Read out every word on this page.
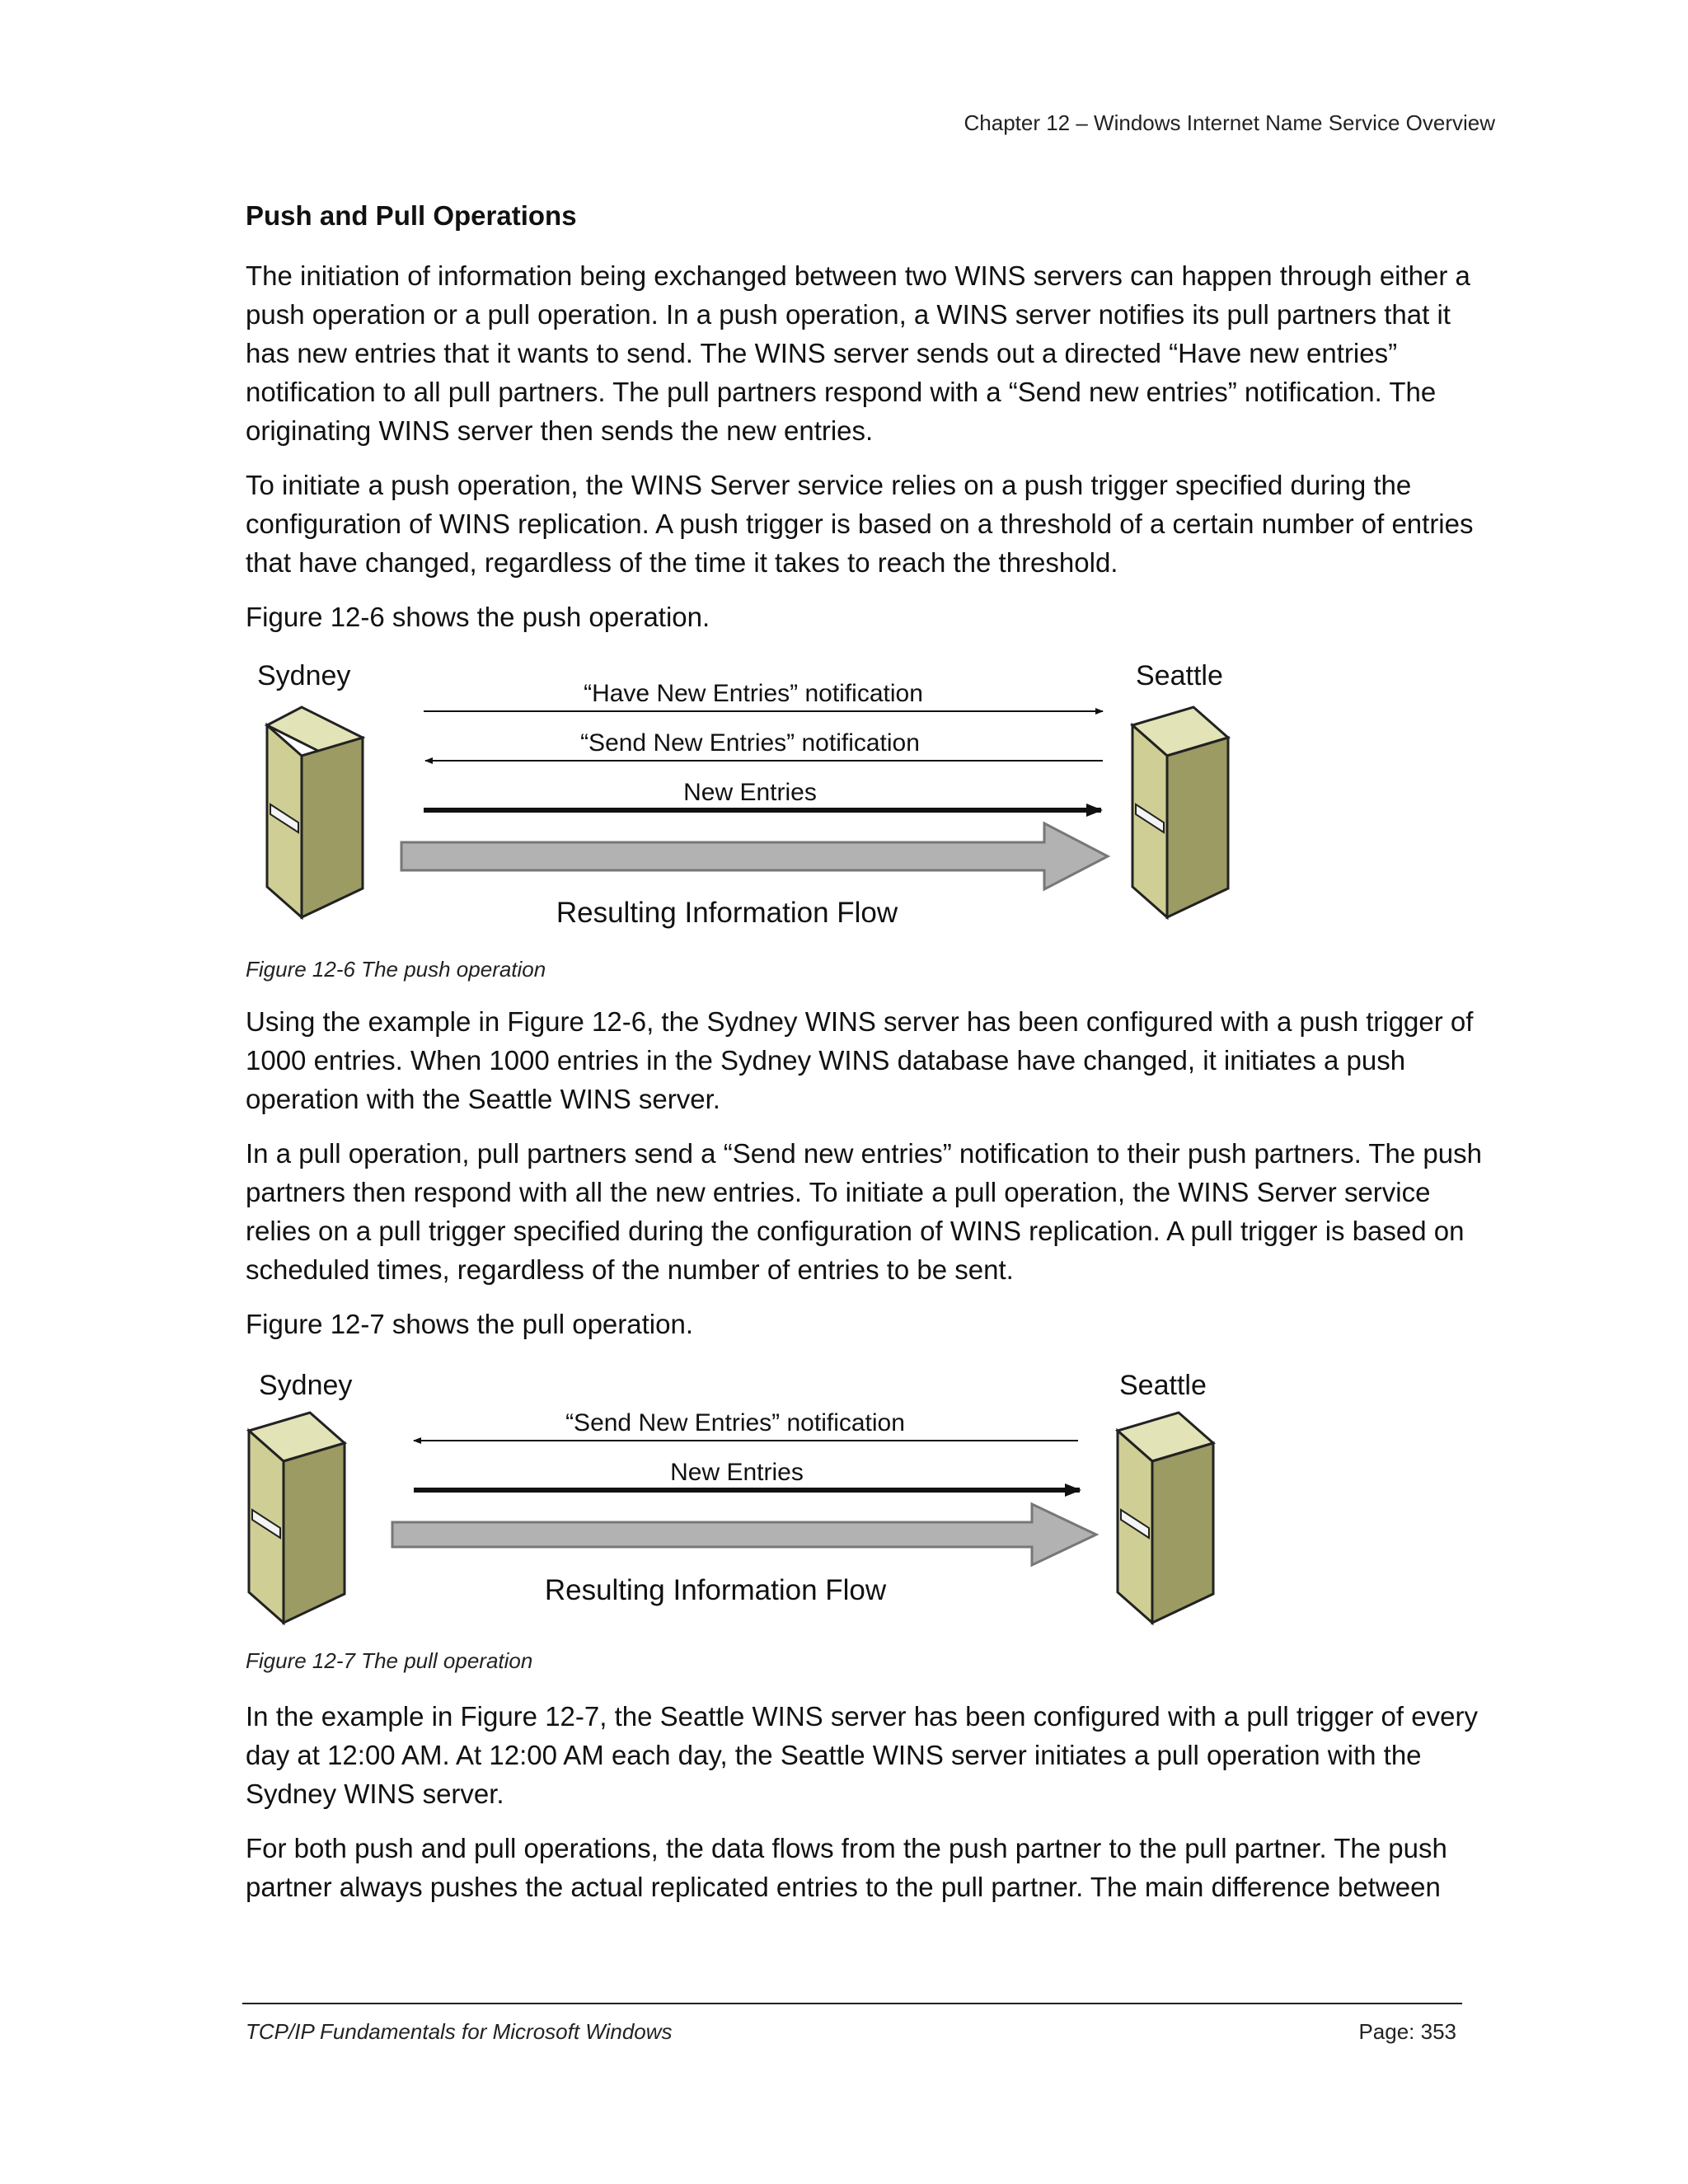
Chapter 12 – Windows Internet Name Service Overview
Push and Pull Operations

The initiation of information being exchanged between two WINS servers can happen through either a push operation or a pull operation. In a push operation, a WINS server notifies its pull partners that it has new entries that it wants to send. The WINS server sends out a directed “Have new entries” notification to all pull partners. The pull partners respond with a “Send new entries” notification. The originating WINS server then sends the new entries.

To initiate a push operation, the WINS Server service relies on a push trigger specified during the configuration of WINS replication. A push trigger is based on a threshold of a certain number of entries that have changed, regardless of the time it takes to reach the threshold.

Figure 12-6 shows the push operation.

Sydney	Seattle
“Have New Entries” notification
“Send New Entries” notification
New Entries
Resulting Information Flow

Figure 12-6 The push operation

Using the example in Figure 12-6, the Sydney WINS server has been configured with a push trigger of 1000 entries. When 1000 entries in the Sydney WINS database have changed, it initiates a push operation with the Seattle WINS server.

In a pull operation, pull partners send a “Send new entries” notification to their push partners. The push partners then respond with all the new entries. To initiate a pull operation, the WINS Server service relies on a pull trigger specified during the configuration of WINS replication. A pull trigger is based on scheduled times, regardless of the number of entries to be sent.

Figure 12-7 shows the pull operation.

Sydney	Seattle
“Send New Entries” notification
New Entries
Resulting Information Flow

Figure 12-7 The pull operation

In the example in Figure 12-7, the Seattle WINS server has been configured with a pull trigger of every day at 12:00 AM. At 12:00 AM each day, the Seattle WINS server initiates a pull operation with the Sydney WINS server.

For both push and pull operations, the data flows from the push partner to the pull partner. The push partner always pushes the actual replicated entries to the pull partner. The main difference between

TCP/IP Fundamentals for Microsoft Windows	Page: 353
